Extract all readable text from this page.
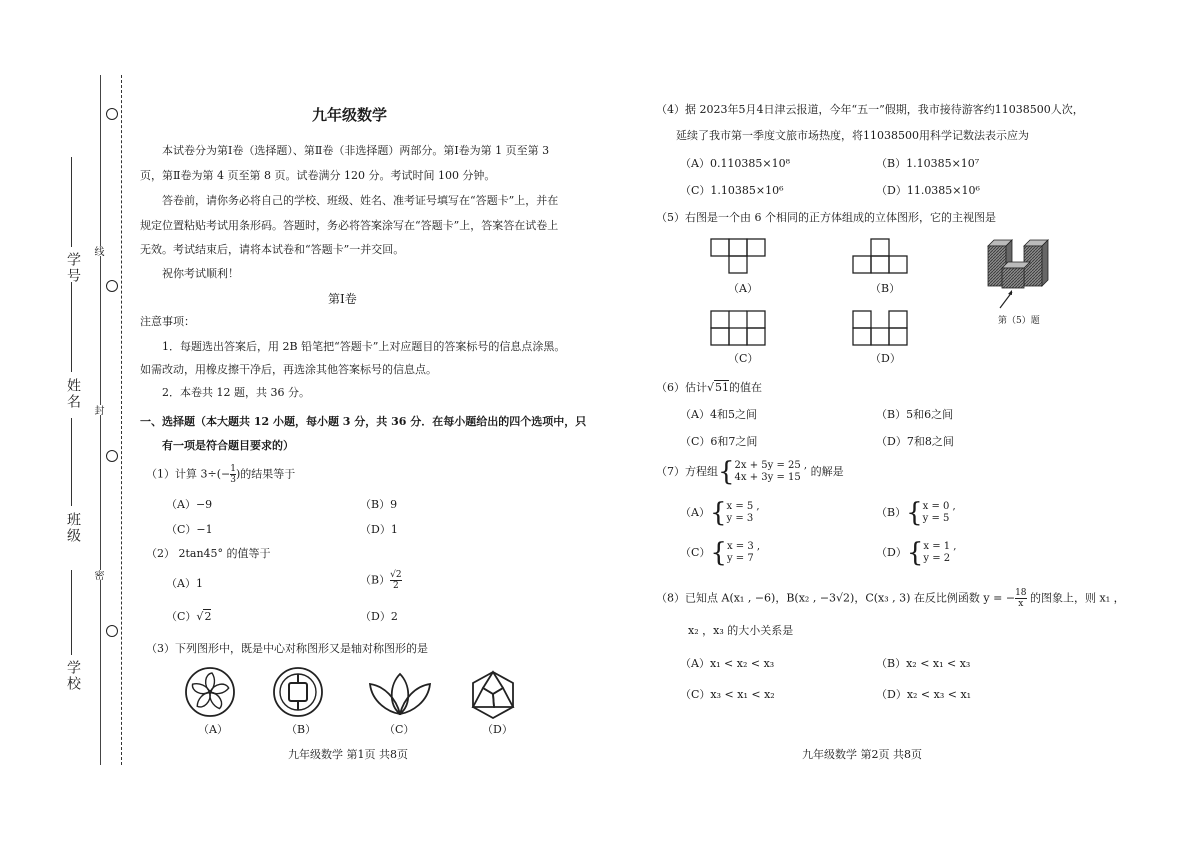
学号
姓名
班级
学校
线
封
密
九年级数学
本试卷分为第Ⅰ卷（选择题）、第Ⅱ卷（非选择题）两部分。第Ⅰ卷为第 1 页至第 3
页，第Ⅱ卷为第 4 页至第 8 页。试卷满分 120 分。考试时间 100 分钟。
答卷前，请你务必将自己的学校、班级、姓名、准考证号填写在“答题卡”上，并在
规定位置粘贴考试用条形码。答题时，务必将答案涂写在“答题卡”上，答案答在试卷上
无效。考试结束后，请将本试卷和“答题卡”一并交回。
祝你考试顺利！
第Ⅰ卷
注意事项：
1．每题选出答案后，用 2B 铅笔把“答题卡”上对应题目的答案标号的信息点涂黑。
如需改动，用橡皮擦干净后，再选涂其他答案标号的信息点。
2．本卷共 12 题，共 36 分。
一、选择题（本大题共 12 小题，每小题 3 分，共 36 分．在每小题给出的四个选项中，只
有一项是符合题目要求的）
（1）计算 $3\div(- \frac{1}{3}$ )的结果等于
（A）−9	（B）9
（C）−1	（D）1
（2） 2tan45° 的值等于
（A）1	$(B) \frac{√2}{2}$
（C）√2	（D）2
（3）下列图形中，既是中心对称图形又是轴对称图形的是
（A）	（B）	（C）	（D）
九年级数学 第1页 共8页
（4）据 2023年5月4日津云报道，今年“五一”假期，我市接待游客约11038500人次，
延续了我市第一季度文旅市场热度，将11038500用科学记数法表示应为
（A）0.110385×10⁸	（B）1.10385×10⁷
（C）1.10385×10⁶	（D）11.0385×10⁶
（5）右图是一个由 6 个相同的正方体组成的立体图形，它的主视图是
（A）	（B）
第（5）题
（C）	（D）
（6）估计√51的值在
（A）4和5之间	（B）5和6之间
（C）6和7之间	（D）7和8之间
（7）方程组{ 2x + 5y = 25 ,
4x + 3y = 15 的解是
（A）{ x = 5 ,
y = 3	（B）{ x = 0 ,
y = 5
（C）{ x = 3 ,
y = 7	（D）{ x = 1 ,
y = 2
（8）已知点 A(x₁ , −6)，B(x₂ , −3√2)，C(x₃ , 3) 在反比例函数 y = − $\frac{18}{x}$ 的图象上，则 x₁ ，
x₂ ，x₃ 的大小关系是
（A）x₁ < x₂ < x₃	（B）x₂ < x₁ < x₃
（C）x₃ < x₁ < x₂	（D）x₂ < x₃ < x₁
九年级数学 第2页 共8页
